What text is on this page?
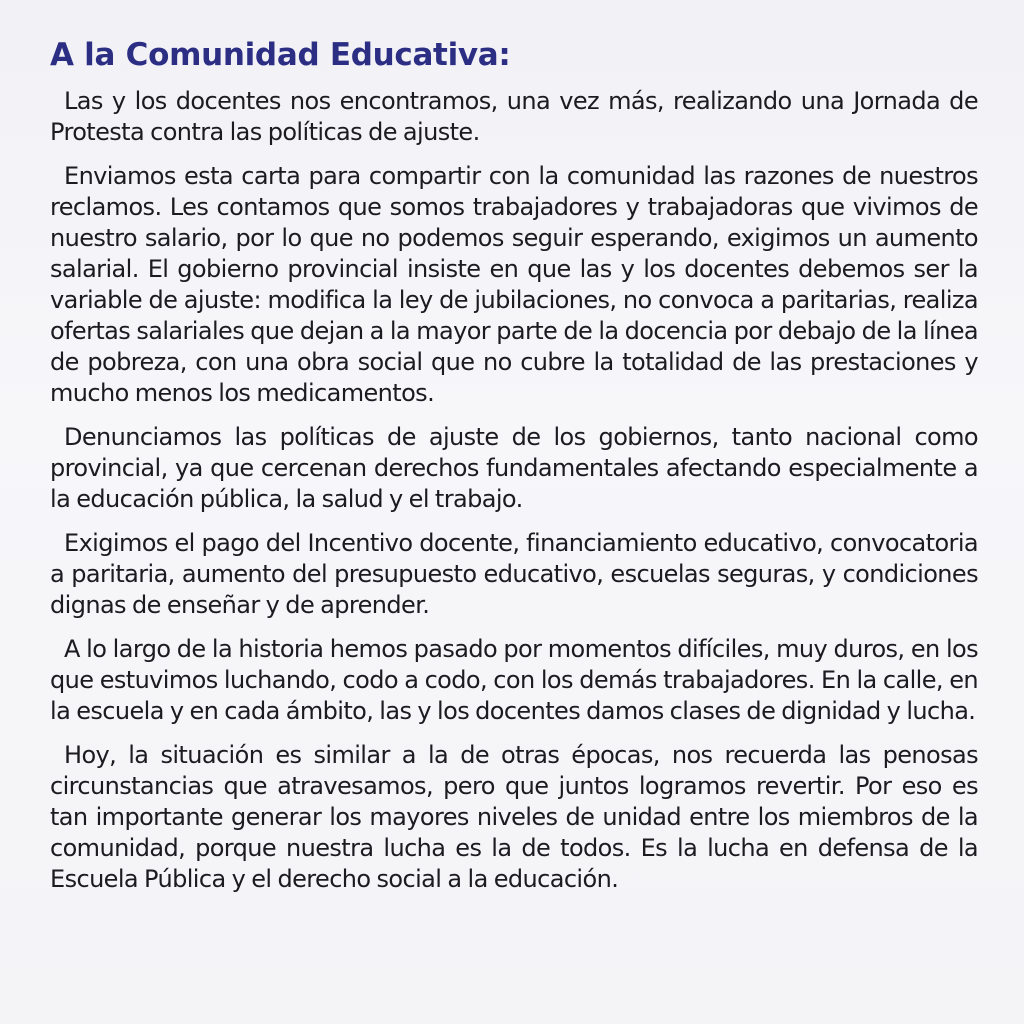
A la Comunidad Educativa:

Las y los docentes nos encontramos, una vez más, realizando una Jornada de Protesta contra las políticas de ajuste.

Enviamos esta carta para compartir con la comunidad las razones de nuestros reclamos. Les contamos que somos trabajadores y trabajadoras que vivimos de nuestro salario, por lo que no podemos seguir esperando, exigimos un aumento salarial. El gobierno provincial insiste en que las y los docentes debemos ser la variable de ajuste: modifica la ley de jubilaciones, no convoca a paritarias, realiza ofertas salariales que dejan a la mayor parte de la docencia por debajo de la línea de pobreza, con una obra social que no cubre la totalidad de las prestaciones y mucho menos los medicamentos.

Denunciamos las políticas de ajuste de los gobiernos, tanto nacional como provincial, ya que cercenan derechos fundamentales afectando especialmente a la educación pública, la salud y el trabajo.

Exigimos el pago del Incentivo docente, financiamiento educativo, convocatoria a paritaria, aumento del presupuesto educativo, escuelas seguras, y condiciones dignas de enseñar y de aprender.

A lo largo de la historia hemos pasado por momentos difíciles, muy duros, en los que estuvimos luchando, codo a codo, con los demás trabajadores. En la calle, en la escuela y en cada ámbito, las y los docentes damos clases de dignidad y lucha.

Hoy, la situación es similar a la de otras épocas, nos recuerda las penosas circunstancias que atravesamos, pero que juntos logramos revertir. Por eso es tan importante generar los mayores niveles de unidad entre los miembros de la comunidad, porque nuestra lucha es la de todos. Es la lucha en defensa de la Escuela Pública y el derecho social a la educación.
